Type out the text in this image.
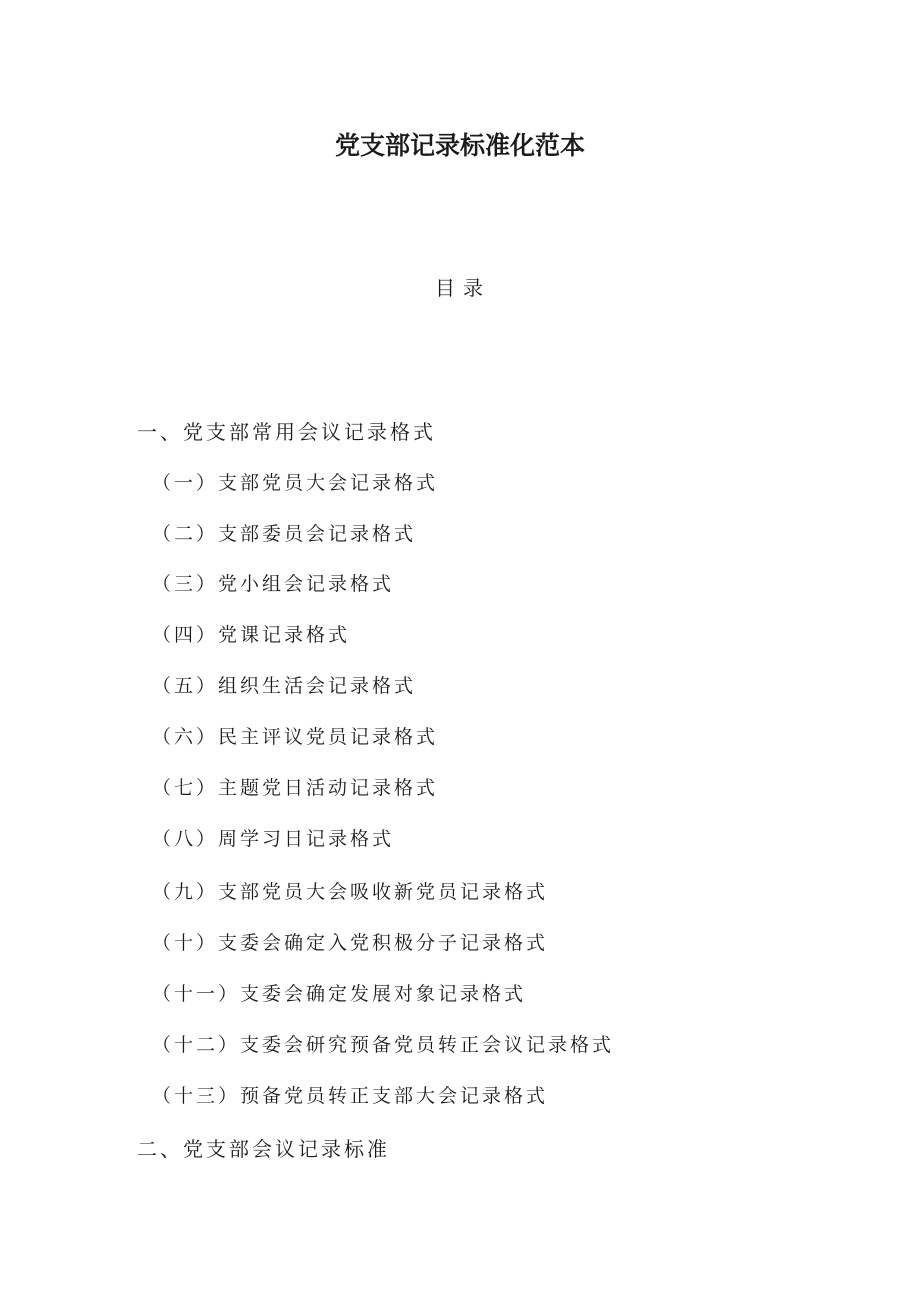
党支部记录标准化范本
目录
一、党支部常用会议记录格式
（一）支部党员大会记录格式
（二）支部委员会记录格式
（三）党小组会记录格式
（四）党课记录格式
（五）组织生活会记录格式
（六）民主评议党员记录格式
（七）主题党日活动记录格式
（八）周学习日记录格式
（九）支部党员大会吸收新党员记录格式
（十）支委会确定入党积极分子记录格式
（十一）支委会确定发展对象记录格式
（十二）支委会研究预备党员转正会议记录格式
（十三）预备党员转正支部大会记录格式
二、党支部会议记录标准
